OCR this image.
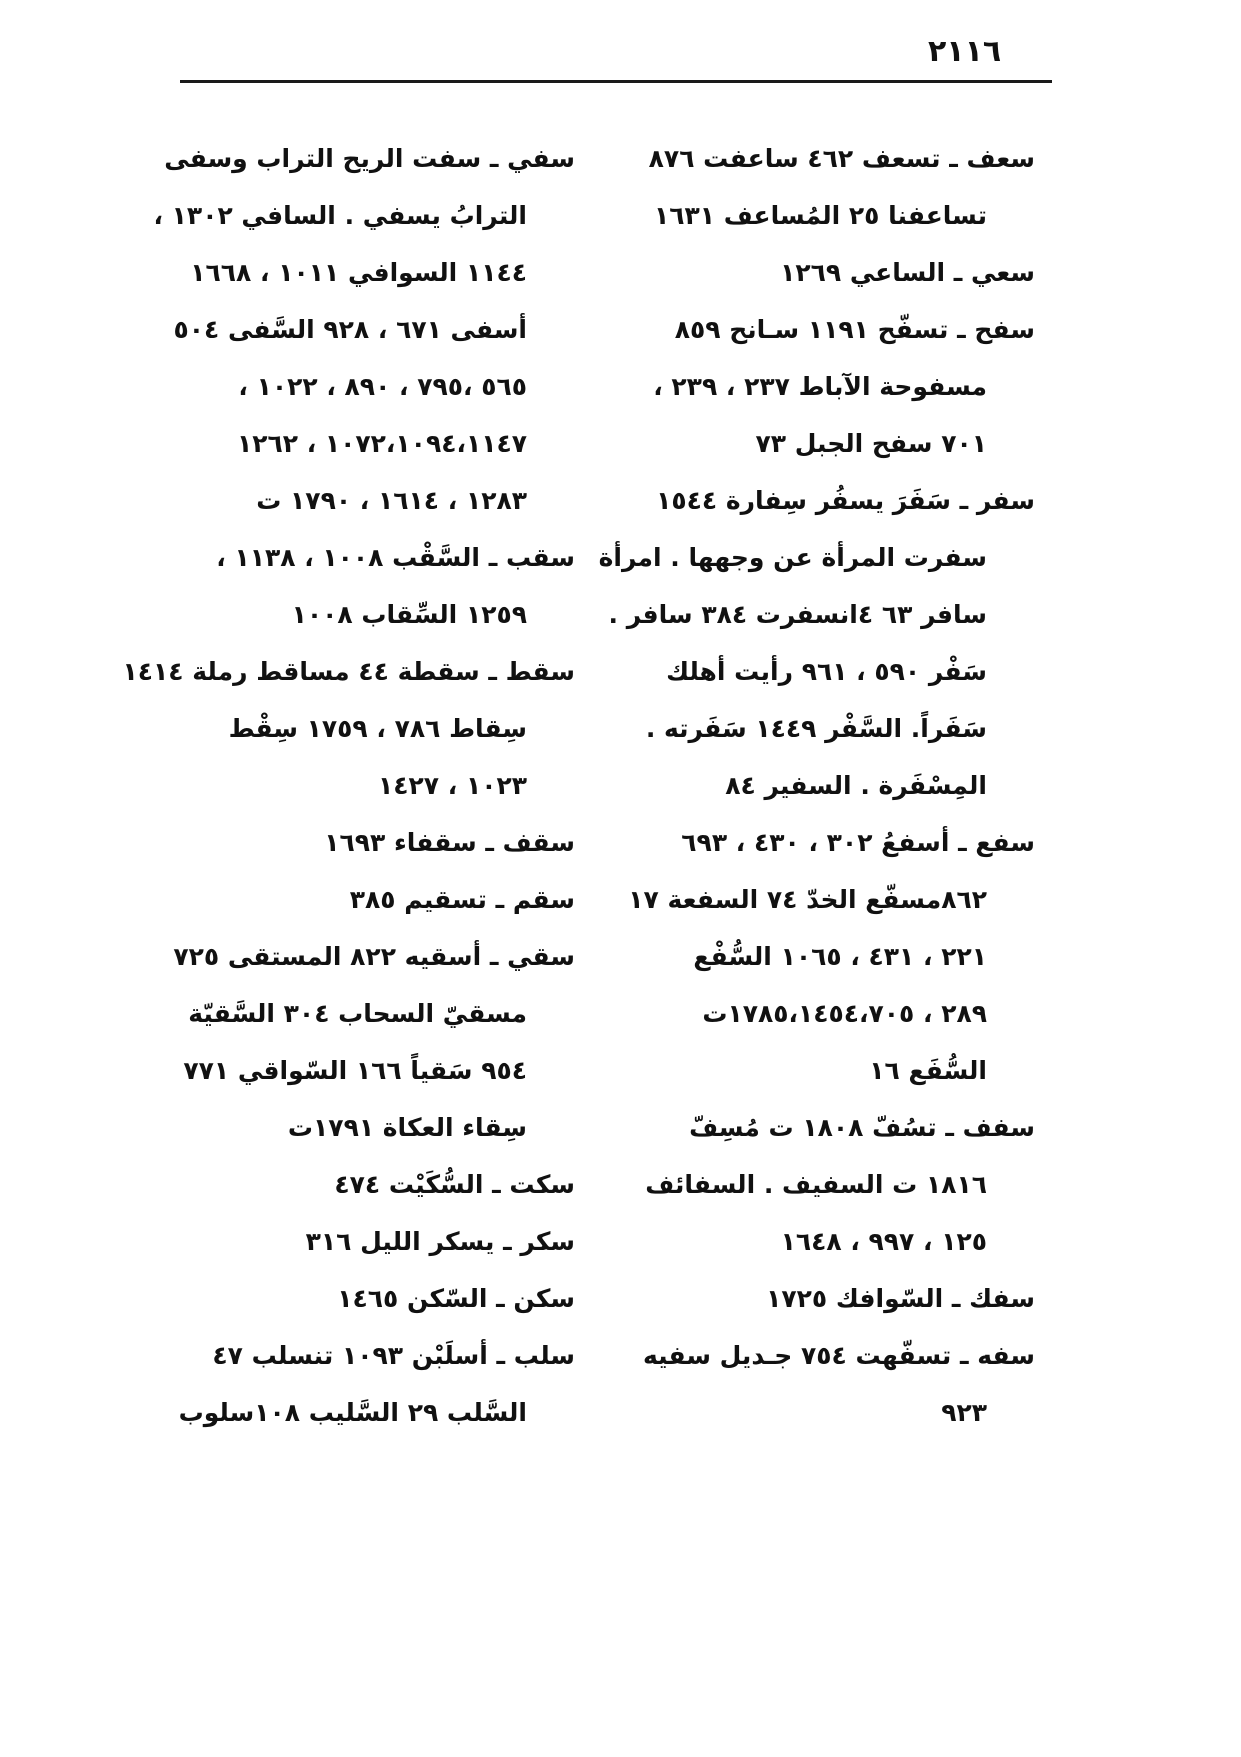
٢١١٦
سعف ـ تسعف ٤٦٢ ساعفت ٨٧٦
تساعفنا ٢٥ المُساعف ١٦٣١
سعي ـ الساعي ١٢٦٩
سفح ـ تسفّح ١١٩١ سـانح ٨٥٩
مسفوحة الآباط ٢٣٧ ، ٢٣٩ ،
٧٠١ سفح الجبل ٧٣
سفر ـ سَفَرَ يسفُر سِفارة ١٥٤٤
سفرت المرأة عن وجهها . امرأة
سافر ٦٣ ٤انسفرت ٣٨٤ سافر .
سَفْر ٥٩٠ ، ٩٦١ رأيت أهلك
سَفَراً. السَّفْر ١٤٤٩ سَفَرته .
المِسْفَرة . السفير ٨٤
سفع ـ أسفعُ ٣٠٢ ، ٤٣٠ ، ٦٩٣
٨٦٢مسفّع الخدّ ٧٤ السفعة ١٧
٢٢١ ، ٤٣١ ، ١٠٦٥ السُّفْع
٢٨٩ ، ١٧٨٥،١٤٥٤،٧٠٥ت
السُّفَع ١٦
سفف ـ تسُفّ ١٨٠٨ ت مُسِفّ
١٨١٦ ت السفيف . السفائف
١٢٥ ، ٩٩٧ ، ١٦٤٨
سفك ـ السّوافك ١٧٢٥
سفه ـ تسفّهت ٧٥٤ جـديل سفيه
٩٢٣
سفي ـ سفت الريح التراب وسفى
الترابُ يسفي . السافي ١٣٠٢ ،
١١٤٤ السوافي ١٠١١ ، ١٦٦٨
أسفى ٦٧١ ، ٩٢٨ السَّفى ٥٠٤
٥٦٥ ،٧٩٥ ، ٨٩٠ ، ١٠٢٢ ،
١٠٧٢،١٠٩٤،١١٤٧ ، ١٢٦٢
١٢٨٣ ، ١٦١٤ ، ١٧٩٠ ت
سقب ـ السَّقْب ١٠٠٨ ، ١١٣٨ ،
١٢٥٩ السِّقاب ١٠٠٨
سقط ـ سقطة ٤٤ مساقط رملة ١٤١٤
سِقاط ٧٨٦ ، ١٧٥٩ سِقْط
١٠٢٣ ، ١٤٢٧
سقف ـ سقفاء ١٦٩٣
سقم ـ تسقيم ٣٨٥
سقي ـ أسقيه ٨٢٢ المستقى ٧٢٥
مسقيّ السحاب ٣٠٤ السَّقيّة
٩٥٤ سَقياً ١٦٦ السّواقي ٧٧١
سِقاء العكاة ١٧٩١ت
سكت ـ السُّكَيْت ٤٧٤
سكر ـ يسكر الليل ٣١٦
سكن ـ السّكن ١٤٦٥
سلب ـ أسلَبْن ١٠٩٣ تنسلب ٤٧
السَّلب ٢٩ السَّليب ١٠٨سلوب
